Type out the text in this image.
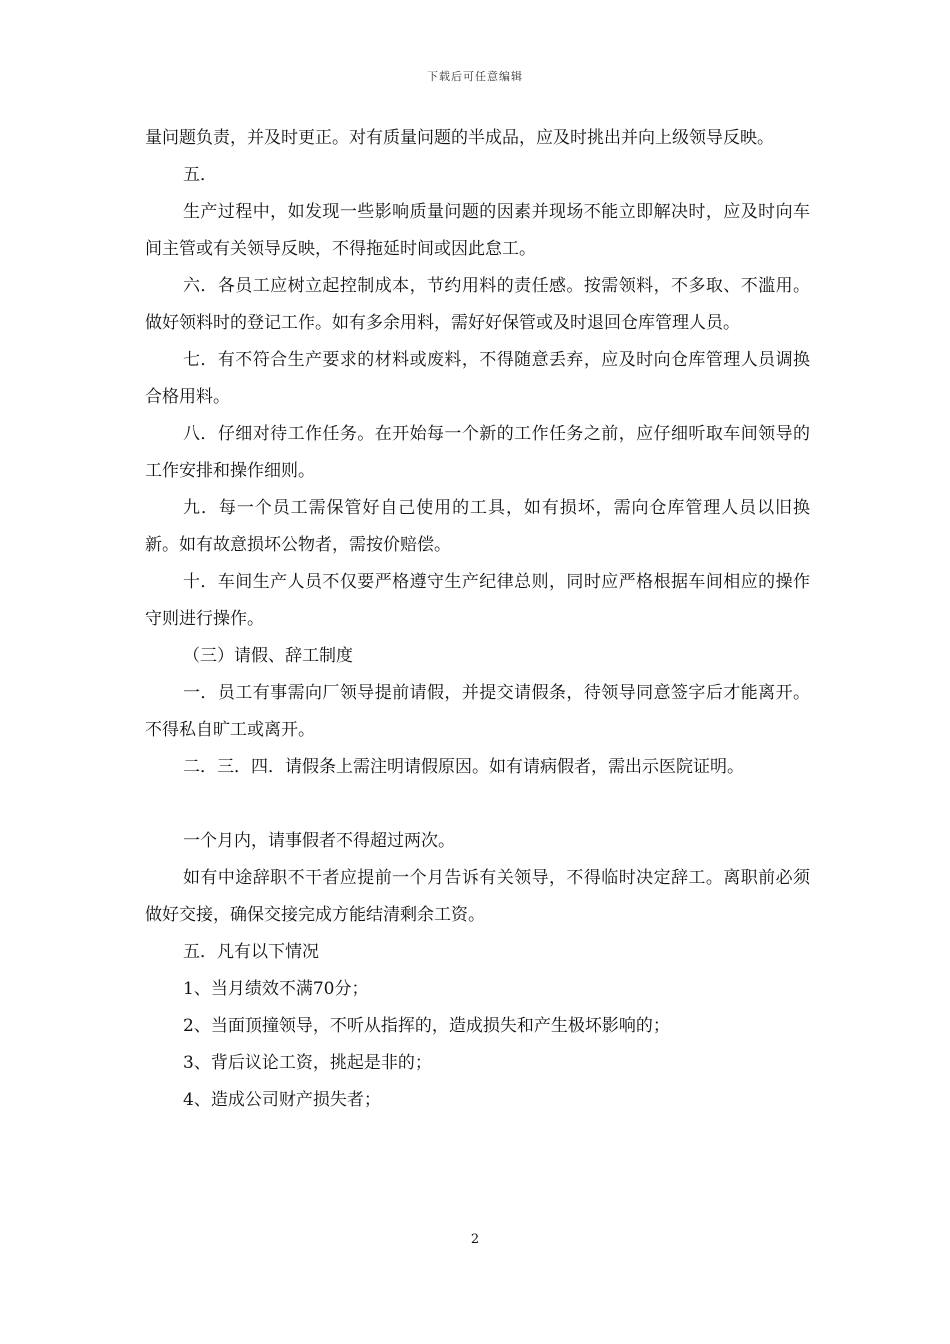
下载后可任意编辑

量问题负责，并及时更正。对有质量问题的半成品，应及时挑出并向上级领导反映。

五．

生产过程中，如发现一些影响质量问题的因素并现场不能立即解决时，应及时向车间主管或有关领导反映，不得拖延时间或因此怠工。

六．各员工应树立起控制成本，节约用料的责任感。按需领料，不多取、不滥用。做好领料时的登记工作。如有多余用料，需好好保管或及时退回仓库管理人员。

七．有不符合生产要求的材料或废料，不得随意丢弃，应及时向仓库管理人员调换合格用料。

八．仔细对待工作任务。在开始每一个新的工作任务之前，应仔细听取车间领导的工作安排和操作细则。

九．每一个员工需保管好自己使用的工具，如有损坏，需向仓库管理人员以旧换新。如有故意损坏公物者，需按价赔偿。

十．车间生产人员不仅要严格遵守生产纪律总则，同时应严格根据车间相应的操作守则进行操作。

（三）请假、辞工制度

一．员工有事需向厂领导提前请假，并提交请假条，待领导同意签字后才能离开。不得私自旷工或离开。

二．三．四．请假条上需注明请假原因。如有请病假者，需出示医院证明。

一个月内，请事假者不得超过两次。

如有中途辞职不干者应提前一个月告诉有关领导，不得临时决定辞工。离职前必须做好交接，确保交接完成方能结清剩余工资。

五．凡有以下情况

1、当月绩效不满70分；

2、当面顶撞领导，不听从指挥的，造成损失和产生极坏影响的；

3、背后议论工资，挑起是非的；

4、造成公司财产损失者；

2
